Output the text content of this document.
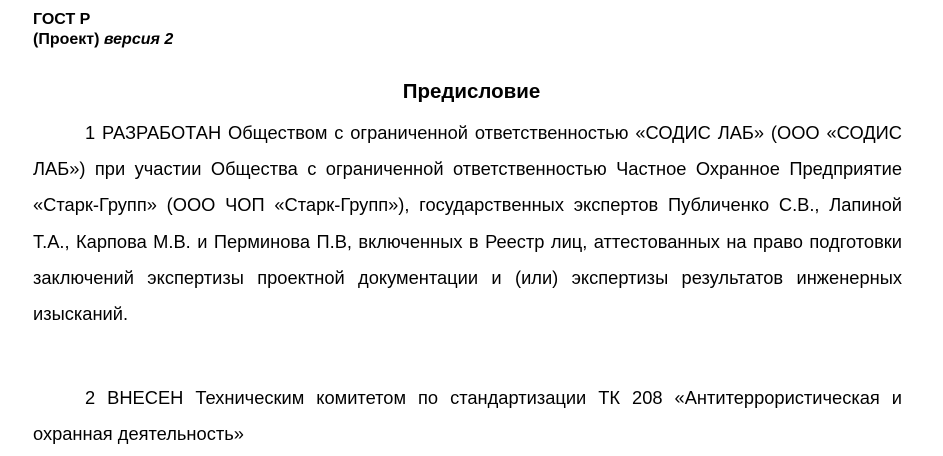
ГОСТ Р
(Проект) версия 2
Предисловие
1 РАЗРАБОТАН Обществом с ограниченной ответственностью «СОДИС ЛАБ» (ООО «СОДИС ЛАБ») при участии Общества с ограниченной ответственностью Частное Охранное Предприятие «Старк-Групп» (ООО ЧОП «Старк-Групп»), государственных экспертов Публиченко С.В., Лапиной Т.А., Карпова М.В. и Перминова П.В, включенных в Реестр лиц, аттестованных на право подготовки заключений экспертизы проектной документации и (или) экспертизы результатов инженерных изысканий.
2 ВНЕСЕН Техническим комитетом по стандартизации ТК 208 «Антитеррористическая и охранная деятельность»
